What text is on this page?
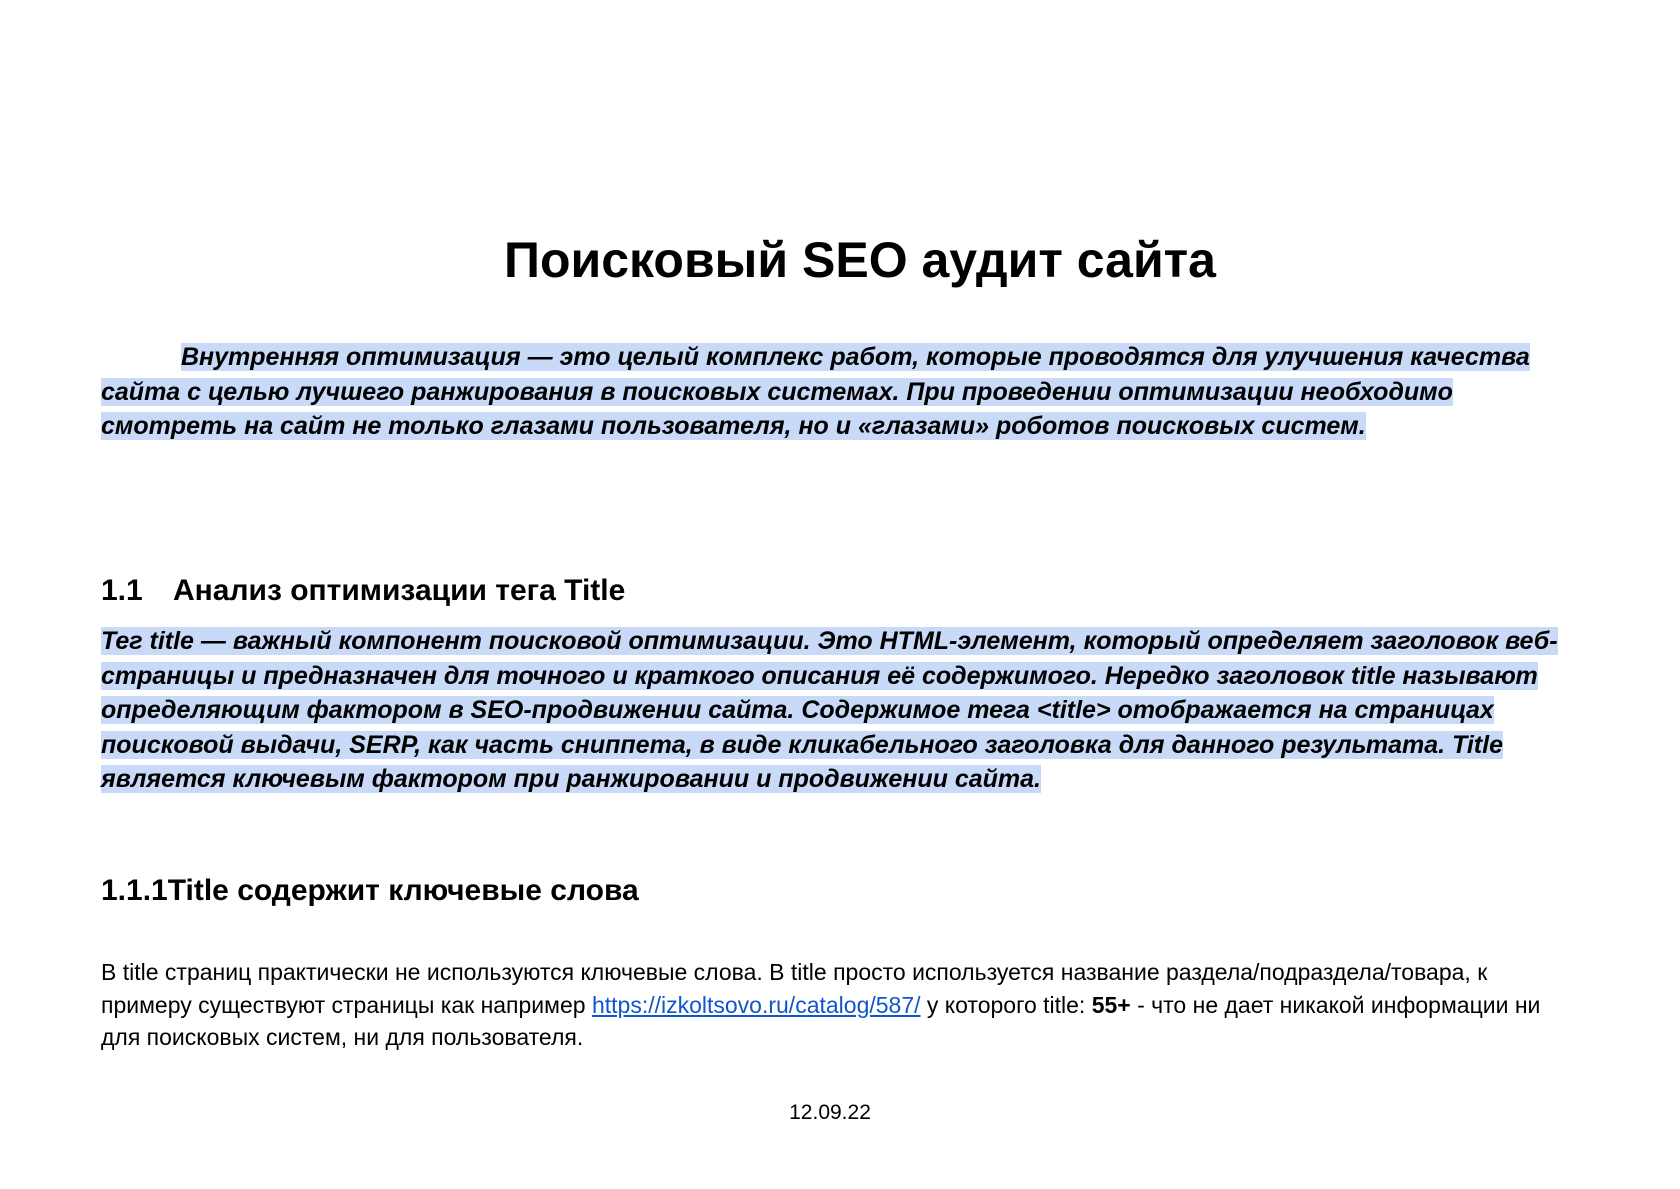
Поисковый SEO аудит сайта

Внутренняя оптимизация — это целый комплекс работ, которые проводятся для улучшения качества сайта с целью лучшего ранжирования в поисковых системах. При проведении оптимизации необходимо смотреть на сайт не только глазами пользователя, но и «глазами» роботов поисковых систем.

1.1 Анализ оптимизации тега Title

Тег title — важный компонент поисковой оптимизации. Это HTML-элемент, который определяет заголовок веб-страницы и предназначен для точного и краткого описания её содержимого. Нередко заголовок title называют определяющим фактором в SEO-продвижении сайта. Содержимое тега <title> отображается на страницах поисковой выдачи, SERP, как часть сниппета, в виде кликабельного заголовка для данного результата. Title является ключевым фактором при ранжировании и продвижении сайта.

1.1.1Title содержит ключевые слова

В title страниц практически не используются ключевые слова. В title просто используется название раздела/подраздела/товара, к примеру существуют страницы как например https://izkoltsovo.ru/catalog/587/ у которого title: 55+ - что не дает никакой информации ни для поисковых систем, ни для пользователя.

12.09.22
